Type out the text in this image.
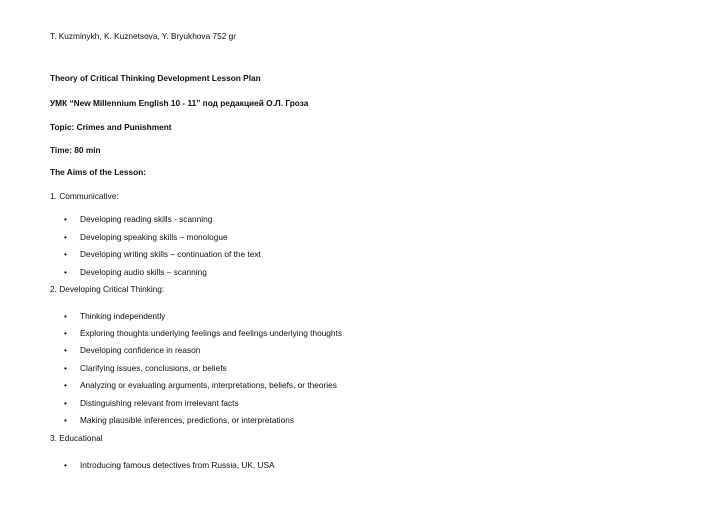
T. Kuzminykh, K. Kuznetsova, Y. Bryukhova 752 gr
Theory of Critical Thinking Development Lesson Plan
УМК “New Millennium English 10 - 11” под редакцией О.Л. Гроза
Topic: Crimes and Punishment
Time: 80 min
The Aims of the Lesson:
1. Communicative:
• Developing reading skills - scanning
• Developing speaking skills – monologue
• Developing writing skills – continuation of the text
• Developing audio skills – scanning
2. Developing Critical Thinking:
• Thinking independently
• Exploring thoughts underlying feelings and feelings underlying thoughts
• Developing confidence in reason
• Clarifying issues, conclusions, or beliefs
• Analyzing or evaluating arguments, interpretations, beliefs, or theories
• Distinguishing relevant from irrelevant facts
• Making plausible inferences, predictions, or interpretations
3. Educational
• Introducing famous detectives from Russia, UK, USA
